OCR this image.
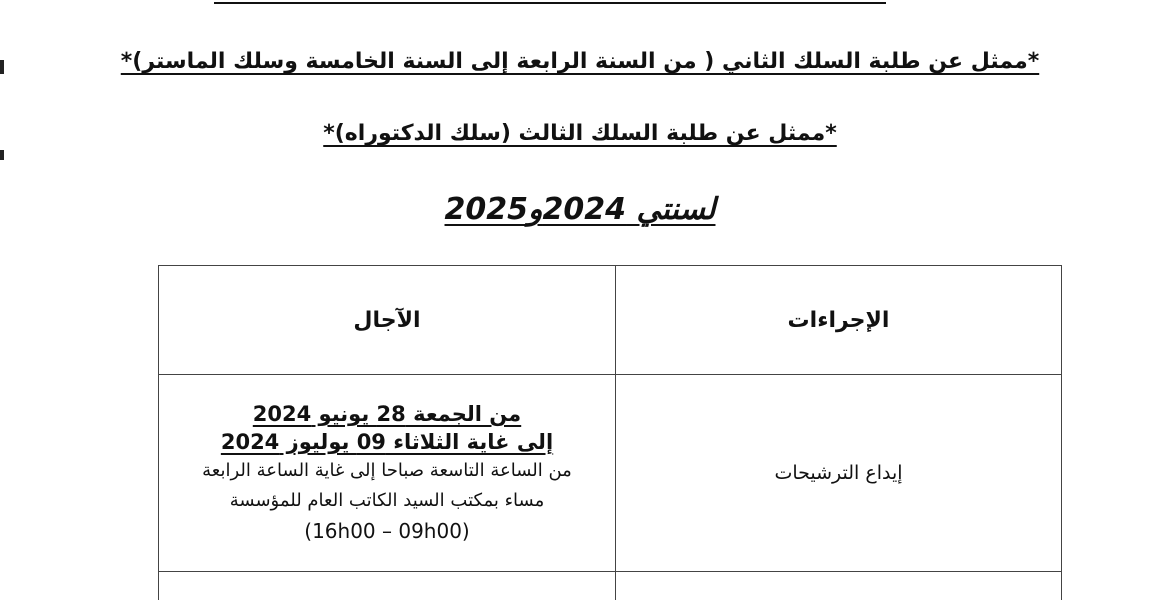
*ممثل عن طلبة السلك الثاني ( من السنة الرابعة إلى السنة الخامسة وسلك الماستر)*
*ممثل عن طلبة السلك الثالث (سلك الدكتوراه)*
لسنتي 2024و2025
الإجراءات	الآجال
إيداع الترشيحات	من الجمعة 28 يونيو 2024
إلى غاية الثلاثاء 09 يوليوز 2024
من الساعة التاسعة صباحا إلى غاية الساعة الرابعة
مساء بمكتب السيد الكاتب العام للمؤسسة
(16h00 – 09h00)
